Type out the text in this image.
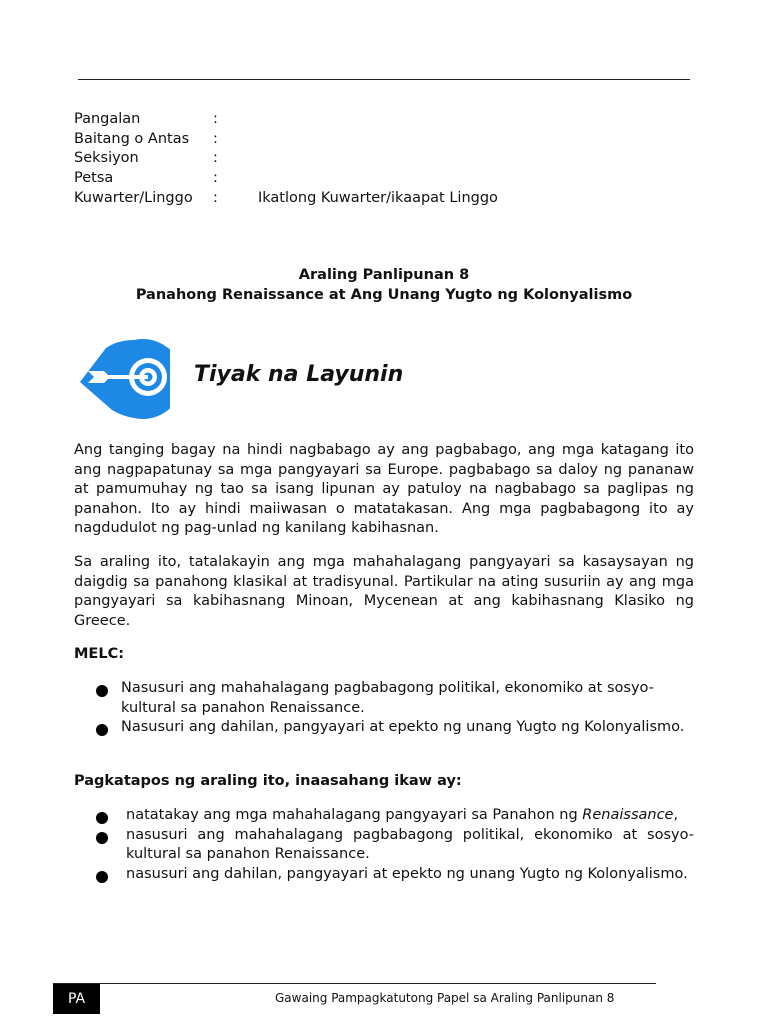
Pangalan	:
Baitang o Antas	:
Seksiyon	:
Petsa	:
Kuwarter/Linggo	:	Ikatlong Kuwarter/ikaapat Linggo
Araling Panlipunan 8
Panahong Renaissance at Ang Unang Yugto ng Kolonyalismo
Tiyak na Layunin

Ang tanging bagay na hindi nagbabago ay ang pagbabago, ang mga katagang ito ang nagpapatunay sa mga pangyayari sa Europe. pagbabago sa daloy ng pananaw at pamumuhay ng tao sa isang lipunan ay patuloy na nagbabago sa paglipas ng panahon. Ito ay hindi maiiwasan o matatakasan. Ang mga pagbabagong ito ay nagdudulot ng pag-unlad ng kanilang kabihasnan.

Sa araling ito, tatalakayin ang mga mahahalagang pangyayari sa kasaysayan ng daigdig sa panahong klasikal at tradisyunal. Partikular na ating susuriin ay ang mga pangyayari sa kabihasnang Minoan, Mycenean at ang kabihasnang Klasiko ng Greece.

MELC:
Nasusuri ang mahahalagang pagbabagong politikal, ekonomiko at sosyo-kultural sa panahon Renaissance.
Nasusuri ang dahilan, pangyayari at epekto ng unang Yugto ng Kolonyalismo.
Pagkatapos ng araling ito, inaasahang ikaw ay:
natatakay ang mga mahahalagang pangyayari sa Panahon ng Renaissance,
nasusuri ang mahahalagang pagbabagong politikal, ekonomiko at sosyo-kultural sa panahon Renaissance.
nasusuri ang dahilan, pangyayari at epekto ng unang Yugto ng Kolonyalismo.
PA	Gawaing Pampagkatutong Papel sa Araling Panlipunan 8
